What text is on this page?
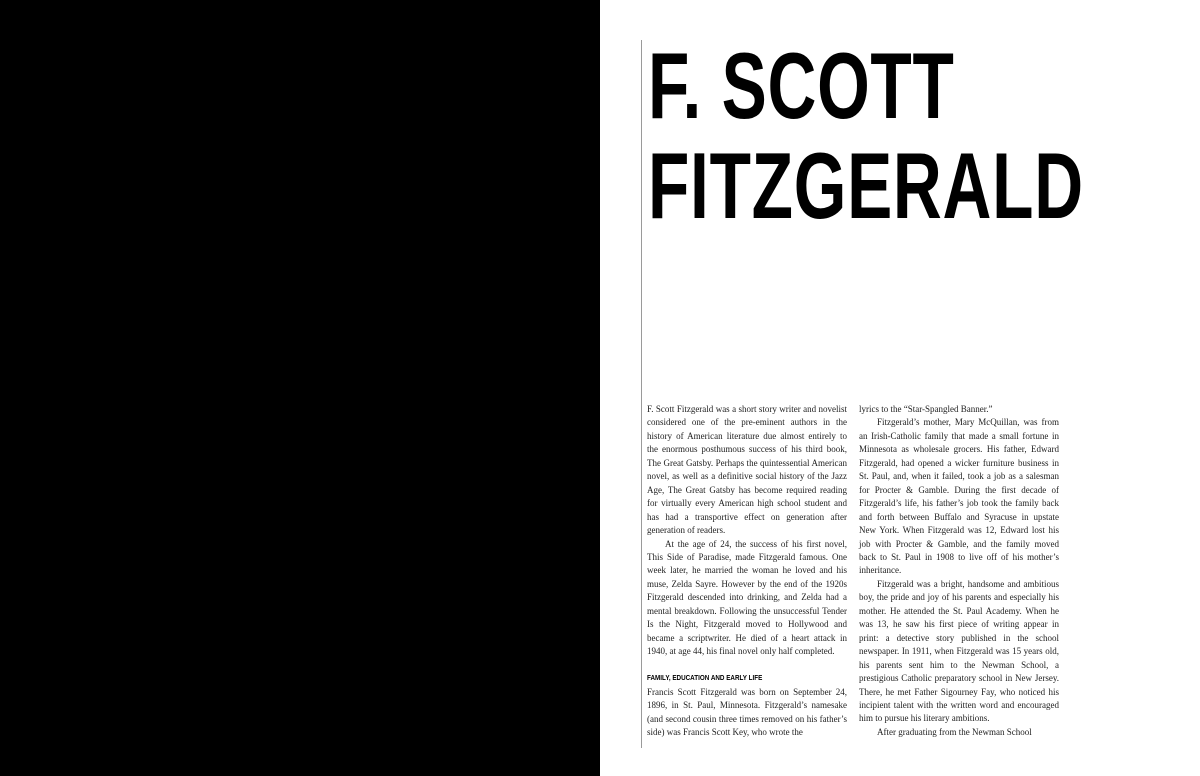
F. SCOTT
FITZGERALD

F. Scott Fitzgerald was a short story writer and novelist considered one of the pre-eminent authors in the history of American literature due almost entirely to the enormous posthumous success of his third book, The Great Gatsby. Perhaps the quintessential American novel, as well as a definitive social history of the Jazz Age, The Great Gatsby has become required reading for virtually every American high school student and has had a transportive effect on generation after generation of readers.

At the age of 24, the success of his first novel, This Side of Paradise, made Fitzgerald famous. One week later, he married the woman he loved and his muse, Zelda Sayre. However by the end of the 1920s Fitzgerald descended into drinking, and Zelda had a mental breakdown. Following the unsuccessful Tender Is the Night, Fitzgerald moved to Hollywood and became a scriptwriter. He died of a heart attack in 1940, at age 44, his final novel only half completed.

FAMILY, EDUCATION AND EARLY LIFE

Francis Scott Fitzgerald was born on September 24, 1896, in St. Paul, Minnesota. Fitzgerald’s namesake (and second cousin three times removed on his father’s side) was Francis Scott Key, who wrote the

lyrics to the “Star-Spangled Banner.”

Fitzgerald’s mother, Mary McQuillan, was from an Irish-Catholic family that made a small fortune in Minnesota as wholesale grocers. His father, Edward Fitzgerald, had opened a wicker furniture business in St. Paul, and, when it failed, took a job as a salesman for Procter & Gamble. During the first decade of Fitzgerald’s life, his father’s job took the family back and forth between Buffalo and Syracuse in upstate New York. When Fitzgerald was 12, Edward lost his job with Procter & Gamble, and the family moved back to St. Paul in 1908 to live off of his mother’s inheritance.

Fitzgerald was a bright, handsome and ambitious boy, the pride and joy of his parents and especially his mother. He attended the St. Paul Academy. When he was 13, he saw his first piece of writing appear in print: a detective story published in the school newspaper. In 1911, when Fitzgerald was 15 years old, his parents sent him to the Newman School, a prestigious Catholic preparatory school in New Jersey. There, he met Father Sigourney Fay, who noticed his incipient talent with the written word and encouraged him to pursue his literary ambitions.

After graduating from the Newman School
